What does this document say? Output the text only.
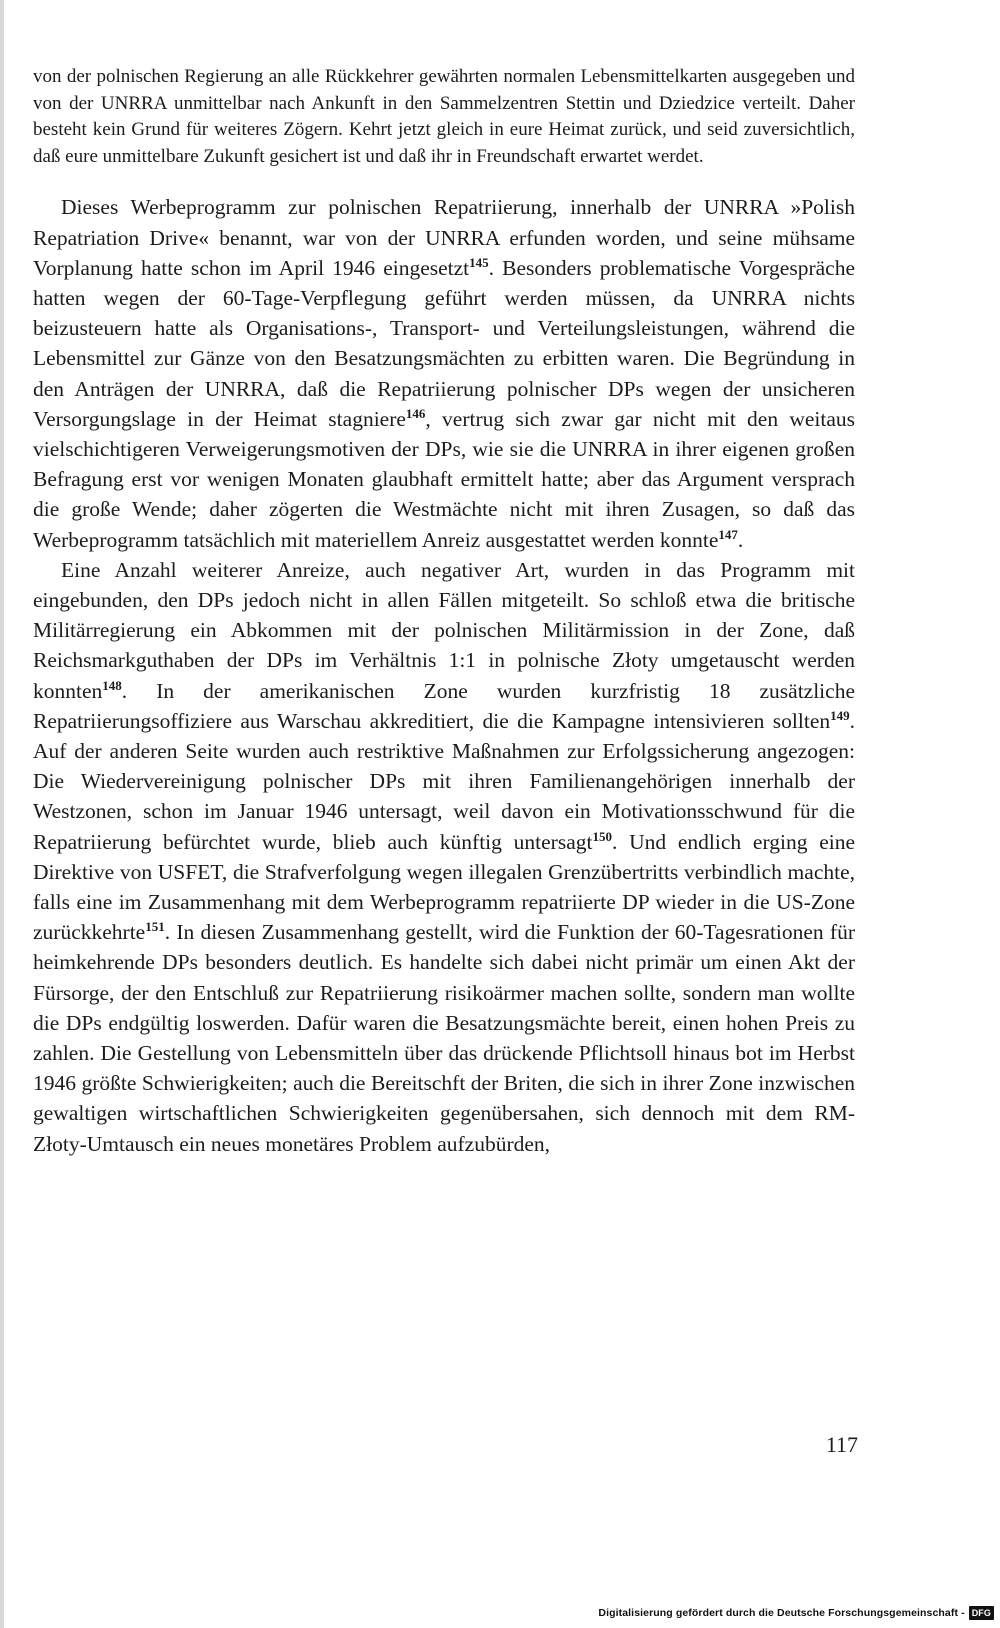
von der polnischen Regierung an alle Rückkehrer gewährten normalen Lebensmittelkarten ausgegeben und von der UNRRA unmittelbar nach Ankunft in den Sammelzentren Stettin und Dziedzice verteilt. Daher besteht kein Grund für weiteres Zögern. Kehrt jetzt gleich in eure Heimat zurück, und seid zuversichtlich, daß eure unmittelbare Zukunft gesichert ist und daß ihr in Freundschaft erwartet werdet.

Dieses Werbeprogramm zur polnischen Repatriierung, innerhalb der UNRRA »Polish Repatriation Drive« benannt, war von der UNRRA erfunden worden, und seine mühsame Vorplanung hatte schon im April 1946 eingesetzt$^{145}$. Besonders problematische Vorgespräche hatten wegen der 60-Tage-Verpflegung geführt werden müssen, da UNRRA nichts beizusteuern hatte als Organisations-, Transport- und Verteilungsleistungen, während die Lebensmittel zur Gänze von den Besatzungsmächten zu erbitten waren. Die Begründung in den Anträgen der UNRRA, daß die Repatriierung polnischer DPs wegen der unsicheren Versorgungslage in der Heimat stagniere$^{146}$, vertrug sich zwar gar nicht mit den weitaus vielschichtigeren Verweigerungsmotiven der DPs, wie sie die UNRRA in ihrer eigenen großen Befragung erst vor wenigen Monaten glaubhaft ermittelt hatte; aber das Argument versprach die große Wende; daher zögerten die Westmächte nicht mit ihren Zusagen, so daß das Werbeprogramm tatsächlich mit materiellem Anreiz ausgestattet werden konnte$^{147}$.

Eine Anzahl weiterer Anreize, auch negativer Art, wurden in das Programm mit eingebunden, den DPs jedoch nicht in allen Fällen mitgeteilt. So schloß etwa die britische Militärregierung ein Abkommen mit der polnischen Militärmission in der Zone, daß Reichsmarkguthaben der DPs im Verhältnis 1:1 in polnische Złoty umgetauscht werden konnten$^{148}$. In der amerikanischen Zone wurden kurzfristig 18 zusätzliche Repatriierungsoffiziere aus Warschau akkreditiert, die die Kampagne intensivieren sollten$^{149}$. Auf der anderen Seite wurden auch restriktive Maßnahmen zur Erfolgssicherung angezogen: Die Wiedervereinigung polnischer DPs mit ihren Familienangehörigen innerhalb der Westzonen, schon im Januar 1946 untersagt, weil davon ein Motivationsschwund für die Repatriierung befürchtet wurde, blieb auch künftig untersagt$^{150}$. Und endlich erging eine Direktive von USFET, die Strafverfolgung wegen illegalen Grenzübertritts verbindlich machte, falls eine im Zusammenhang mit dem Werbeprogramm repatriierte DP wieder in die US-Zone zurückkehrte$^{151}$. In diesen Zusammenhang gestellt, wird die Funktion der 60-Tagesrationen für heimkehrende DPs besonders deutlich. Es handelte sich dabei nicht primär um einen Akt der Fürsorge, der den Entschluß zur Repatriierung risikoärmer machen sollte, sondern man wollte die DPs endgültig loswerden. Dafür waren die Besatzungsmächte bereit, einen hohen Preis zu zahlen. Die Gestellung von Lebensmitteln über das drückende Pflichtsoll hinaus bot im Herbst 1946 größte Schwierigkeiten; auch die Bereitschft der Briten, die sich in ihrer Zone inzwischen gewaltigen wirtschaftlichen Schwierigkeiten gegenübersahen, sich dennoch mit dem RM-Złoty-Umtausch ein neues monetäres Problem aufzubürden,

117
Digitalisierung gefördert durch die Deutsche Forschungsgemeinschaft - DFG
